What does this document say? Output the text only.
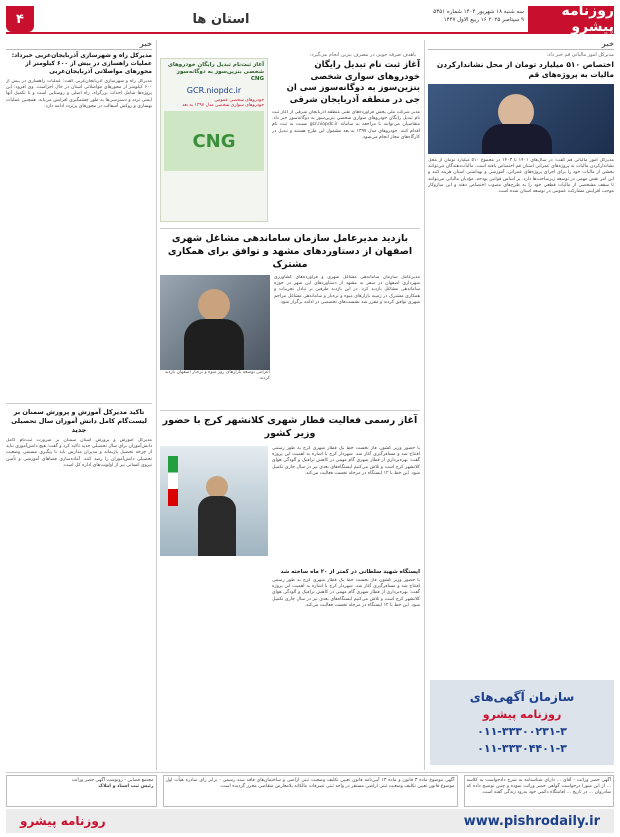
روزنامه پیشرو
سه شنبه ۱۸ شهریور ۱۴۰۴ شماره ۵۳۵۱
۹ سپتامبر ۲۰۲۵ ۱۶ ربیع الاول ۱۴۴۷
استان ها
۴
خبر
خبر
مدیرکل امور مالیاتی قم خبر داد:
اختصاص ۵۱۰ میلیارد تومان از محل نشاندارکردن مالیات به پروژه‌های قم
مدیرکل امور مالیاتی قم گفت: در سال‌های ۱۴۰۱ تا ۱۴۰۳ در مجموع ۵۱۰ میلیارد تومان از محل نشاندارکردن مالیات به پروژه‌های عمرانی استان قم اختصاص یافته است. مالیات‌دهندگان می‌توانند بخشی از مالیات خود را برای اجرای پروژه‌های عمرانی، آموزشی و بهداشتی استان هزینه کنند و این امر نقش مهمی در توسعه زیرساخت‌ها دارد. بر اساس قوانین بودجه، مؤدیان مالیاتی می‌توانند تا سقف مشخصی از مالیات قطعی خود را به طرح‌های مصوب اختصاص دهند و این سازوکار موجب افزایش مشارکت عمومی در توسعه استان شده است.
سازمان آگهی‌های
روزنامه پیشرو
۰۱۱-۳۳۳۰۰۲۳۱-۳
۰۱۱-۳۳۳۰۴۴۰۱-۳
باهدف صرفه جویی در مصرف بنزین انجام می‌گیرد:
آغاز ثبت نام تبدیل رایگان خودروهای سواری شخصی بنزین‌سوز به دوگانه‌سوز سی ان جی در منطقه آذربایجان شرقی
مدیر شرکت ملی پخش فرآورده‌های نفتی منطقه آذربایجان شرقی از آغاز ثبت نام تبدیل رایگان خودروهای سواری شخصی بنزین‌سوز به دوگانه‌سوز خبر داد. متقاضیان می‌توانند با مراجعه به سامانه gcr.niopdc.ir نسبت به ثبت نام اقدام کنند. خودروهای مدل ۱۳۹۷ به بعد مشمول این طرح هستند و تبدیل در کارگاه‌های مجاز انجام می‌شود.
آغاز ثبت‌نام تبدیل رایگان خودروهای شخصی بنزین‌سوز به دوگانه‌سوز CNG
GCR.niopdc.ir
خودروهای شخصی عمومی
خودروهای سواری شخصی مدل ۱۳۹۷ به بعد
CNG
بازدید مدیرعامل سازمان ساماندهی مشاغل شهری اصفهان از دستاوردهای مشهد و توافق برای همکاری مشترک
مدیرعامل سازمان ساماندهی مشاغل شهری و فرآورده‌های کشاورزی شهرداری اصفهان در سفر به مشهد از دستاوردهای این شهر در حوزه ساماندهی مشاغل بازدید کرد. در این بازدید طرفین بر تبادل تجربیات و همکاری مشترک در زمینه بازارهای میوه و تره‌بار و ساماندهی مشاغل مزاحم شهری توافق کردند و مقرر شد نشست‌های تخصصی در ادامه برگزار شود.
اعزامی توسعه بازارهای روز میوه و تره‌بار اصفهان بازدید کردند.
آغاز رسمی فعالیت قطار شهری کلانشهر کرج با حضور وزیر کشور
با حضور وزیر کشور، فاز نخست خط یک قطار شهری کرج به طور رسمی افتتاح شد و مسافرگیری آغاز شد. شهردار کرج با اشاره به اهمیت این پروژه گفت: بهره‌برداری از قطار شهری گام مهمی در کاهش ترافیک و آلودگی هوای کلانشهر کرج است و تلاش می‌کنیم ایستگاه‌های بعدی نیز در سال جاری تکمیل شود. این خط با ۱۲ ایستگاه در مرحله نخست فعالیت می‌کند.
ایستگاه شهید سلطانی در کمتر از ۲۰ ماه ساخته شد
با حضور وزیر کشور، فاز نخست خط یک قطار شهری کرج به طور رسمی افتتاح شد و مسافرگیری آغاز شد. شهردار کرج با اشاره به اهمیت این پروژه گفت: بهره‌برداری از قطار شهری گام مهمی در کاهش ترافیک و آلودگی هوای کلانشهر کرج است و تلاش می‌کنیم ایستگاه‌های بعدی نیز در سال جاری تکمیل شود. این خط با ۱۲ ایستگاه در مرحله نخست فعالیت می‌کند.
مدیرکل راه و شهرسازی آذربایجان‌غربی خبرداد: عملیات راهسازی در بیش از ۶۰۰ کیلومتر از محورهای مواصلاتی آذربایجان‌غربی
مدیرکل راه و شهرسازی آذربایجان‌غربی گفت: عملیات راهسازی در بیش از ۶۰۰ کیلومتر از محورهای مواصلاتی استان در حال اجراست. وی افزود: این پروژه‌ها شامل احداث بزرگراه، راه اصلی و روستایی است و با تکمیل آنها ایمنی تردد و دسترسی‌ها به طور چشمگیری افزایش می‌یابد. همچنین عملیات بهسازی و روکش آسفالت در محورهای پرتردد ادامه دارد.
تاکید مدیرکل آموزش و پرورش سمنان بر لیست‌گام کامل دانش آموزان سال تحصیلی جدید
مدیرکل آموزش و پرورش استان سمنان بر ضرورت ثبت‌نام کامل دانش‌آموزان برای سال تحصیلی جدید تاکید کرد و گفت: هیچ دانش‌آموزی نباید از چرخه تحصیل بازبماند و مدیران مدارس باید با پیگیری مستمر، وضعیت تحصیلی دانش‌آموزان را رصد کنند. آماده‌سازی فضاهای آموزشی و تأمین نیروی انسانی نیز از اولویت‌های اداره کل است.
آگهی حصر وراثت - آقای ... دارای شناسنامه به شرح دادخواست به کلاسه ... از این شورا درخواست گواهی حصر وراثت نموده و چنین توضیح داده که شادروان ... در تاریخ ... اقامتگاه دائمی خود بدرود زندگی گفته است.
آگهی موضوع ماده ۳ قانون و ماده ۱۳ آیین‌نامه قانون تعیین تکلیف وضعیت ثبتی اراضی و ساختمان‌های فاقد سند رسمی - برابر رای صادره هیأت اول موضوع قانون تعیین تکلیف وضعیت ثبتی اراضی مستقر در واحد ثبتی تصرفات مالکانه بلامعارض متقاضی محرز گردیده است.
مجتمع قضایی - رونوشت آگهی حصر وراثت
رئیس ثبت اسناد و املاک
www.pishrodaily.ir
روزنامه پیشرو
